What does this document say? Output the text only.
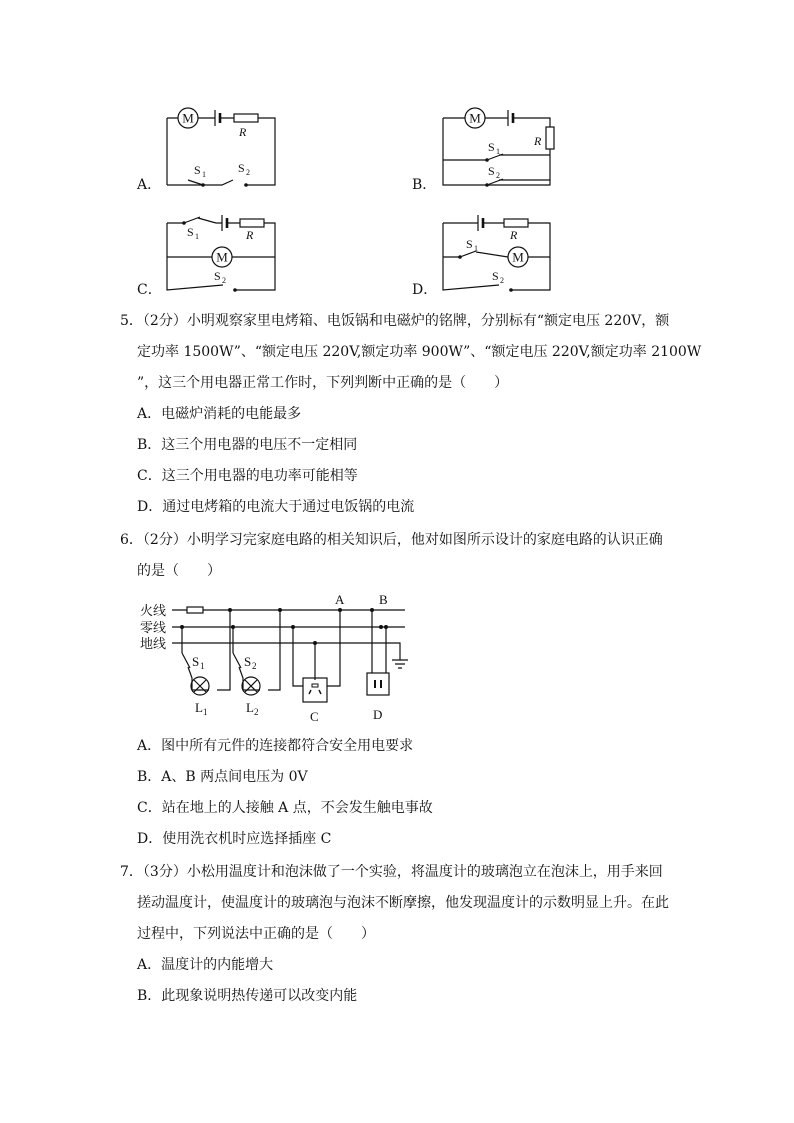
A．
M
R
S 1	S 2
B．
M
R
S 1
S 2
C．
R
M
S 1
S 2
D．
R
M
S 1
S 2
5．（2分）小明观察家里电烤箱、电饭锅和电磁炉的铭牌，分别标有“额定电压 220V，额
定功率 1500W”、“额定电压 220V,额定功率 900W”、“额定电压 220V,额定功率 2100W
”，这三个用电器正常工作时，下列判断中正确的是（　　）
A．电磁炉消耗的电能最多
B．这三个用电器的电压不一定相同
C．这三个用电器的电功率可能相等
D．通过电烤箱的电流大于通过电饭锅的电流
6．（2分）小明学习完家庭电路的相关知识后，他对如图所示设计的家庭电路的认识正确
的是（　　）
火线
零线
地线
S 1
L 1
S 2
L 2	C
A
D
B
A．图中所有元件的连接都符合安全用电要求
B．A、B 两点间电压为 0V
C．站在地上的人接触 A 点，不会发生触电事故
D．使用洗衣机时应选择插座 C
7．（3分）小松用温度计和泡沫做了一个实验，将温度计的玻璃泡立在泡沫上，用手来回
搓动温度计，使温度计的玻璃泡与泡沫不断摩擦，他发现温度计的示数明显上升。在此
过程中，下列说法中正确的是（　　）
A．温度计的内能增大
B．此现象说明热传递可以改变内能
